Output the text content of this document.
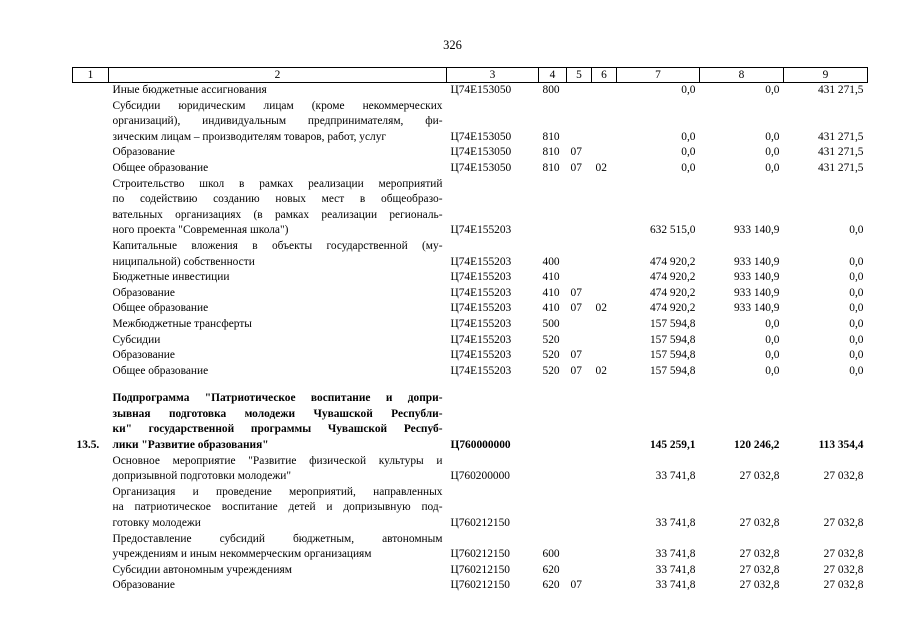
326
1	2	3	4	5	6	7	8	9

	Иные бюджетные ассигнования	Ц74Е153050	800			0,0	0,0	431 271,5

	Субсидии юридическим лицам (кроме некоммерческих
организаций), индивидуальным предпринимателям, фи-
зическим лицам – производителям товаров, работ, услуг	Ц74Е153050	810			0,0	0,0	431 271,5

	Образование	Ц74Е153050	810	07		0,0	0,0	431 271,5

	Общее образование	Ц74Е153050	810	07	02	0,0	0,0	431 271,5

	Строительство школ в рамках реализации мероприятий
по содействию созданию новых мест в общеобразо-
вательных организациях (в рамках реализации региональ-
ного проекта "Современная школа")	Ц74Е155203				632 515,0	933 140,9	0,0

	Капитальные вложения в объекты государственной (му-
ниципальной) собственности	Ц74Е155203	400			474 920,2	933 140,9	0,0

	Бюджетные инвестиции	Ц74Е155203	410			474 920,2	933 140,9	0,0

	Образование	Ц74Е155203	410	07		474 920,2	933 140,9	0,0

	Общее образование	Ц74Е155203	410	07	02	474 920,2	933 140,9	0,0

	Межбюджетные трансферты	Ц74Е155203	500			157 594,8	0,0	0,0

	Субсидии	Ц74Е155203	520			157 594,8	0,0	0,0

	Образование	Ц74Е155203	520	07		157 594,8	0,0	0,0

	Общее образование	Ц74Е155203	520	07	02	157 594,8	0,0	0,0

13.5.	Подпрограмма "Патриотическое воспитание и допри-
зывная подготовка молодежи Чувашской Республи-
ки" государственной программы Чувашской Респуб-
лики "Развитие образования"	Ц760000000				145 259,1	120 246,2	113 354,4

	Основное мероприятие "Развитие физической культуры и
допризывной подготовки молодежи"	Ц760200000				33 741,8	27 032,8	27 032,8

	Организация и проведение мероприятий, направленных
на патриотическое воспитание детей и допризывную под-
готовку молодежи	Ц760212150				33 741,8	27 032,8	27 032,8

	Предоставление субсидий бюджетным, автономным
учреждениям и иным некоммерческим организациям	Ц760212150	600			33 741,8	27 032,8	27 032,8

	Субсидии автономным учреждениям	Ц760212150	620			33 741,8	27 032,8	27 032,8

	Образование	Ц760212150	620	07		33 741,8	27 032,8	27 032,8
